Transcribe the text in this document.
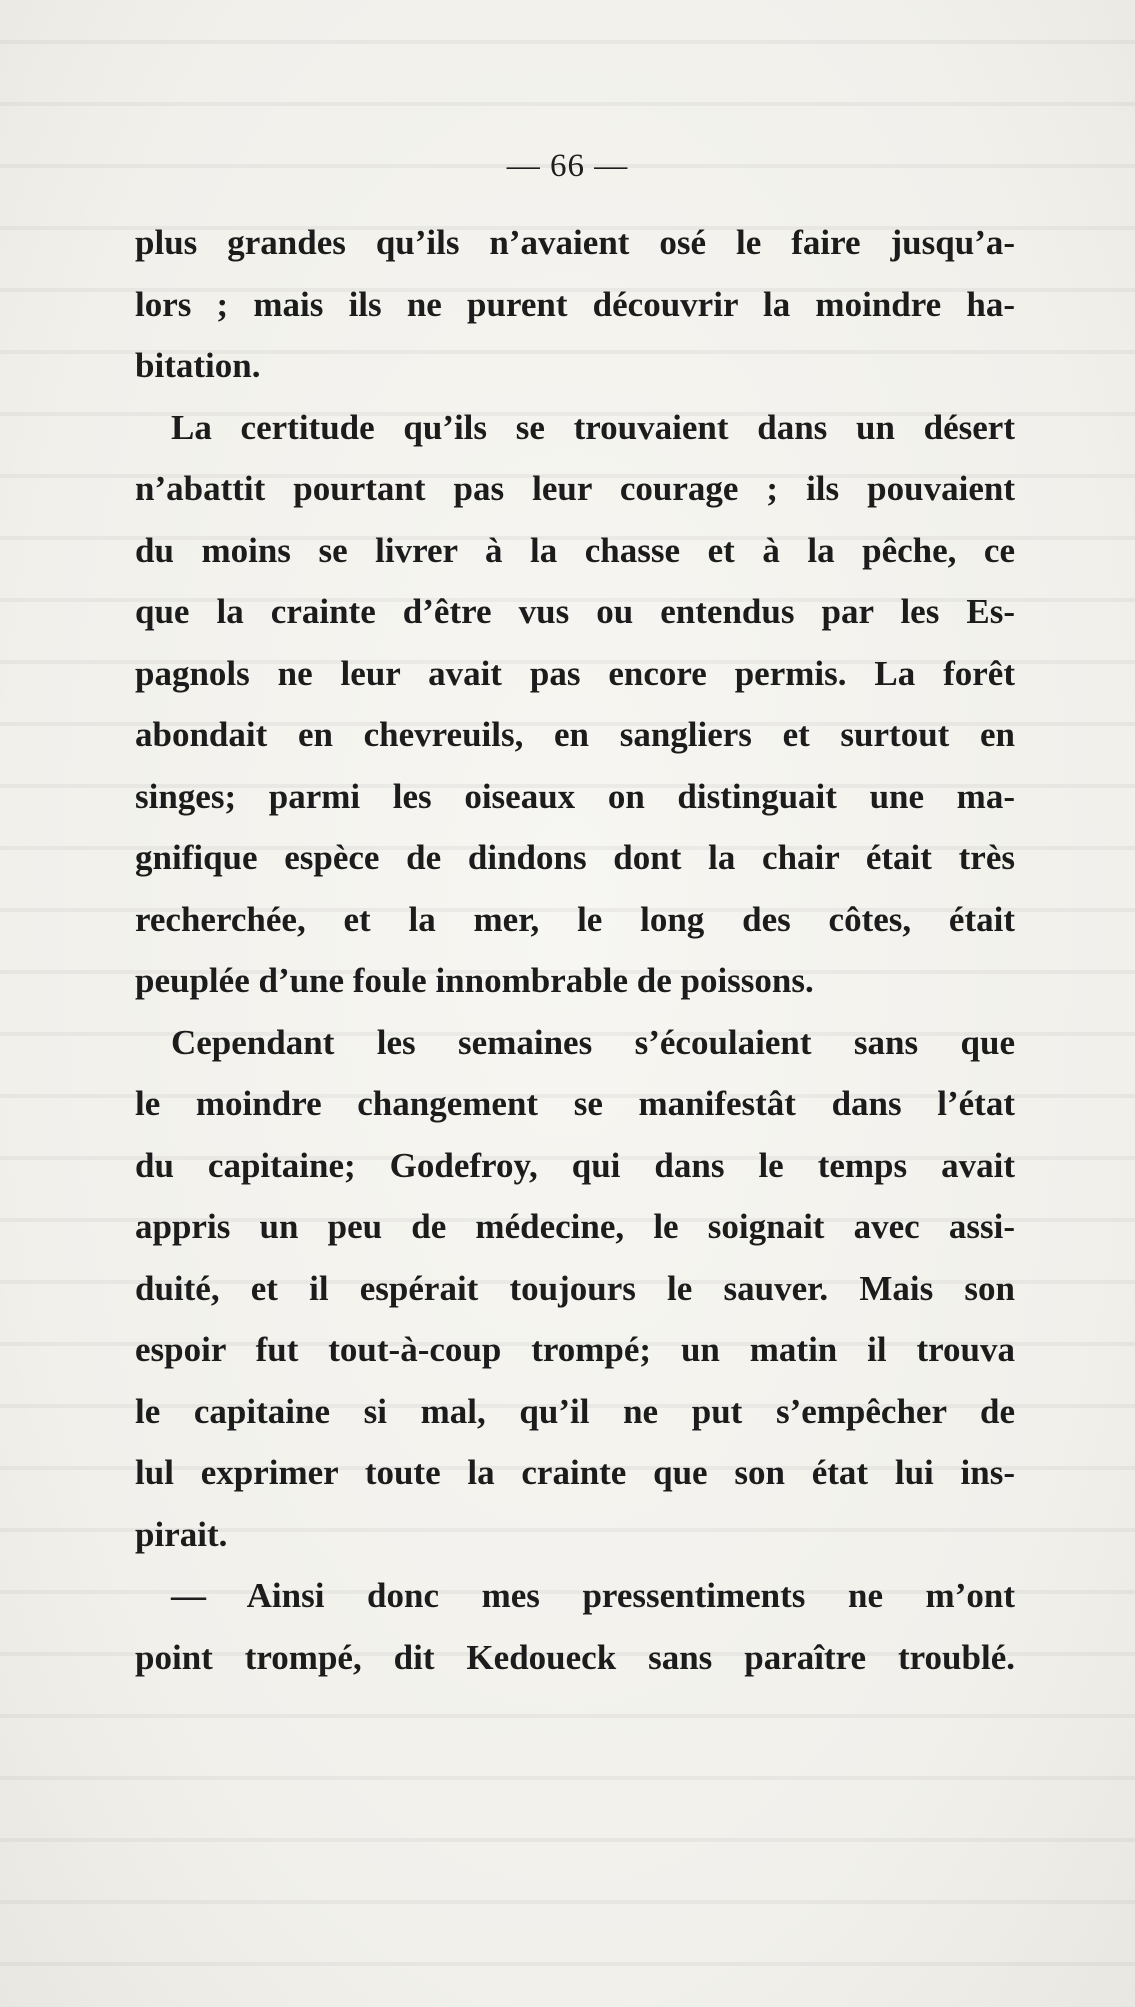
— 66 —
plus grandes qu’ils n’avaient osé le faire jusqu’a-
lors ; mais ils ne purent découvrir la moindre ha-
bitation.
La certitude qu’ils se trouvaient dans un désert
n’abattit pourtant pas leur courage ; ils pouvaient
du moins se livrer à la chasse et à la pêche, ce
que la crainte d’être vus ou entendus par les Es-
pagnols ne leur avait pas encore permis. La forêt
abondait en chevreuils, en sangliers et surtout en
singes; parmi les oiseaux on distinguait une ma-
gnifique espèce de dindons dont la chair était très
recherchée, et la mer, le long des côtes, était
peuplée d’une foule innombrable de poissons.
Cependant les semaines s’écoulaient sans que
le moindre changement se manifestât dans l’état
du capitaine; Godefroy, qui dans le temps avait
appris un peu de médecine, le soignait avec assi-
duité, et il espérait toujours le sauver. Mais son
espoir fut tout-à-coup trompé; un matin il trouva
le capitaine si mal, qu’il ne put s’empêcher de
lul exprimer toute la crainte que son état lui ins-
pirait.
— Ainsi donc mes pressentiments ne m’ont
point trompé, dit Kedoueck sans paraître troublé.
